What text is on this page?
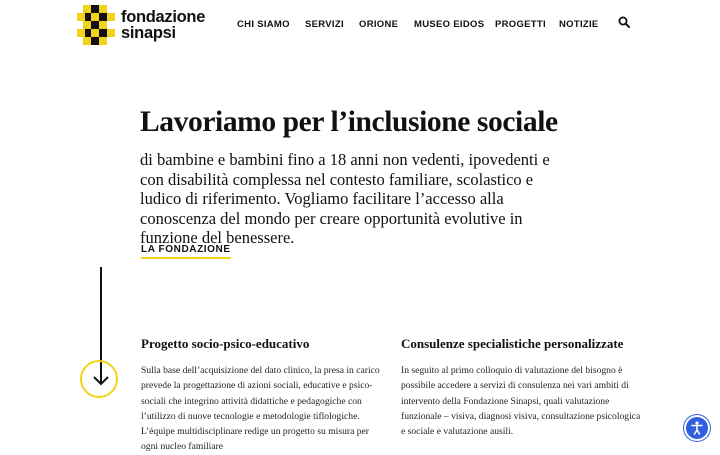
fondazione
sinapsi	CHI SIAMO SERVIZI ORIONE MUSEO EIDOS PROGETTI NOTIZIE
Lavoriamo per l’inclusione sociale

di bambine e bambini fino a 18 anni non vedenti, ipovedenti e con disabilità complessa nel contesto familiare, scolastico e ludico di riferimento. Vogliamo facilitare l’accesso alla conoscenza del mondo per creare opportunità evolutive in funzione del benessere.

LA FONDAZIONE
Progetto socio-psico-educativo

Sulla base dell’acquisizione del dato clinico, la presa in carico prevede la progettazione di azioni sociali, educative e psico-sociali che integrino attività didattiche e pedagogiche con l’utilizzo di nuove tecnologie e metodologie tiflologiche. L’équipe multidisciplinare redige un progetto su misura per ogni nucleo familiare

Consulenze specialistiche personalizzate

In seguito al primo colloquio di valutazione del bisogno è possibile accedere a servizi di consulenza nei vari ambiti di intervento della Fondazione Sinapsi, quali valutazione funzionale – visiva, diagnosi visiva, consultazione psicologica e sociale e valutazione ausili.
